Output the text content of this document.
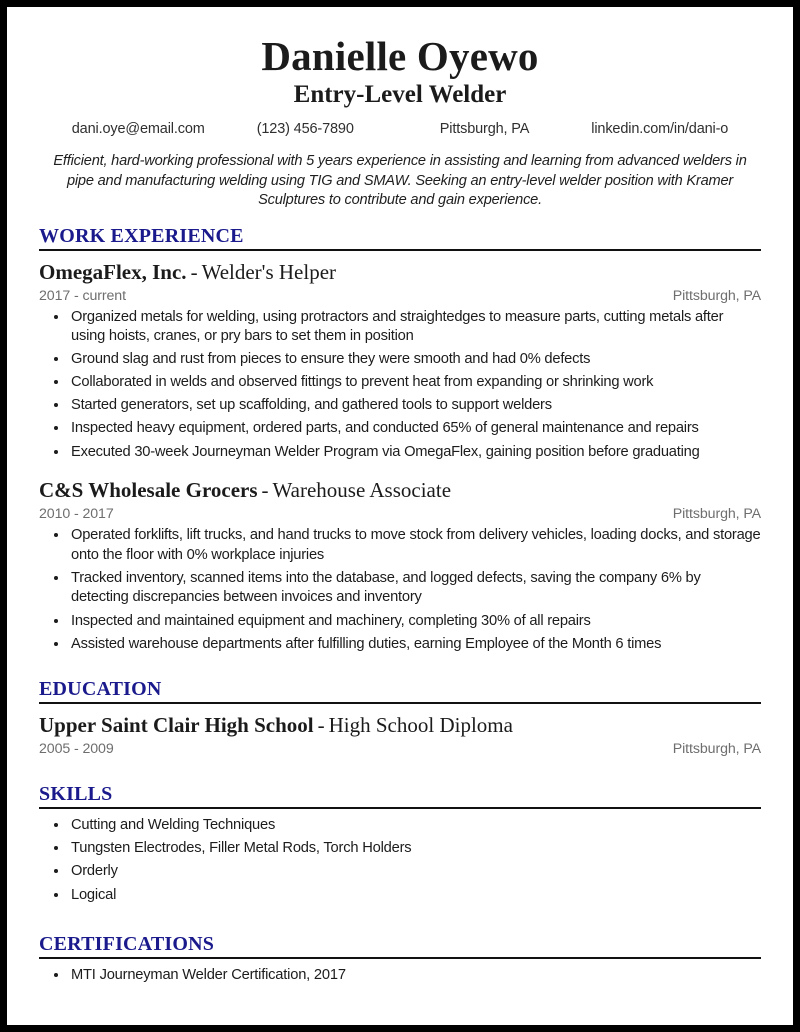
Danielle Oyewo
Entry-Level Welder
dani.oye@email.com	(123) 456-7890	Pittsburgh, PA	linkedin.com/in/dani-o
Efficient, hard-working professional with 5 years experience in assisting and learning from advanced welders in pipe and manufacturing welding using TIG and SMAW. Seeking an entry-level welder position with Kramer Sculptures to contribute and gain experience.
WORK EXPERIENCE
OmegaFlex, Inc. - Welder's Helper
2017 - current	Pittsburgh, PA
• Organized metals for welding, using protractors and straightedges to measure parts, cutting metals after using hoists, cranes, or pry bars to set them in position
• Ground slag and rust from pieces to ensure they were smooth and had 0% defects
• Collaborated in welds and observed fittings to prevent heat from expanding or shrinking work
• Started generators, set up scaffolding, and gathered tools to support welders
• Inspected heavy equipment, ordered parts, and conducted 65% of general maintenance and repairs
• Executed 30-week Journeyman Welder Program via OmegaFlex, gaining position before graduating
C&S Wholesale Grocers - Warehouse Associate
2010 - 2017	Pittsburgh, PA
• Operated forklifts, lift trucks, and hand trucks to move stock from delivery vehicles, loading docks, and storage onto the floor with 0% workplace injuries
• Tracked inventory, scanned items into the database, and logged defects, saving the company 6% by detecting discrepancies between invoices and inventory
• Inspected and maintained equipment and machinery, completing 30% of all repairs
• Assisted warehouse departments after fulfilling duties, earning Employee of the Month 6 times
EDUCATION
Upper Saint Clair High School - High School Diploma
2005 - 2009	Pittsburgh, PA
SKILLS
• Cutting and Welding Techniques
• Tungsten Electrodes, Filler Metal Rods, Torch Holders
• Orderly
• Logical
CERTIFICATIONS
• MTI Journeyman Welder Certification, 2017
